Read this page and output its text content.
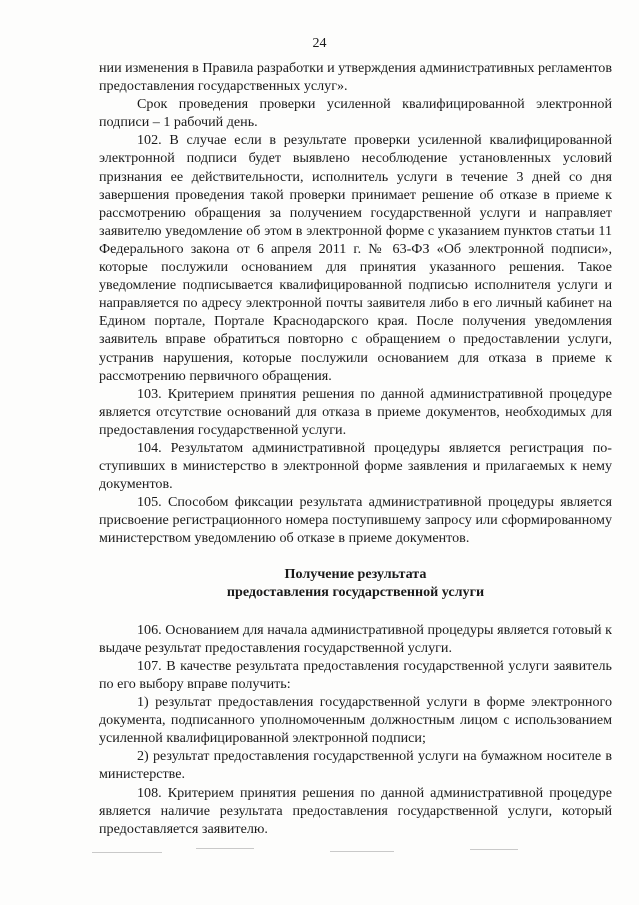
24

нии изменения в Правила разработки и утверждения административных регламентов предоставления государственных услуг».

Срок проведения проверки усиленной квалифицированной электронной подписи – 1 рабочий день.

102. В случае если в результате проверки усиленной квалифицированной электронной подписи будет выявлено несоблюдение установленных условий признания ее действительности, исполнитель услуги в течение 3 дней со дня завершения проведения такой проверки принимает решение об отказе в приеме к рассмотрению обращения за получением государственной услуги и направляет заявителю уведомление об этом в электронной форме с указанием пунктов статьи 11 Федерального закона от 6 апреля 2011 г. № 63-ФЗ «Об электронной подписи», которые послужили основанием для принятия указанного решения. Такое уведомление подписывается квалифицированной подписью исполнителя услуги и направляется по адресу электронной почты заявителя либо в его личный кабинет на Едином портале, Портале Краснодарского края. После получения уведомления заявитель вправе обратиться повторно с обращением о предоставлении услуги, устранив нарушения, которые послужили основанием для отказа в приеме к рассмотрению первичного обращения.

103. Критерием принятия решения по данной административной процедуре является отсутствие оснований для отказа в приеме документов, необходимых для предоставления государственной услуги.

104. Результатом административной процедуры является регистрация поступивших в министерство в электронной форме заявления и прилагаемых к нему документов.

105. Способом фиксации результата административной процедуры является присвоение регистрационного номера поступившему запросу или сформированному министерством уведомлению об отказе в приеме документов.

Получение результата
предоставления государственной услуги

106. Основанием для начала административной процедуры является готовый к выдаче результат предоставления государственной услуги.

107. В качестве результата предоставления государственной услуги заявитель по его выбору вправе получить:

1) результат предоставления государственной услуги в форме электронного документа, подписанного уполномоченным должностным лицом с использованием усиленной квалифицированной электронной подписи;

2) результат предоставления государственной услуги на бумажном носителе в министерстве.

108. Критерием принятия решения по данной административной процедуре является наличие результата предоставления государственной услуги, который предоставляется заявителю.
